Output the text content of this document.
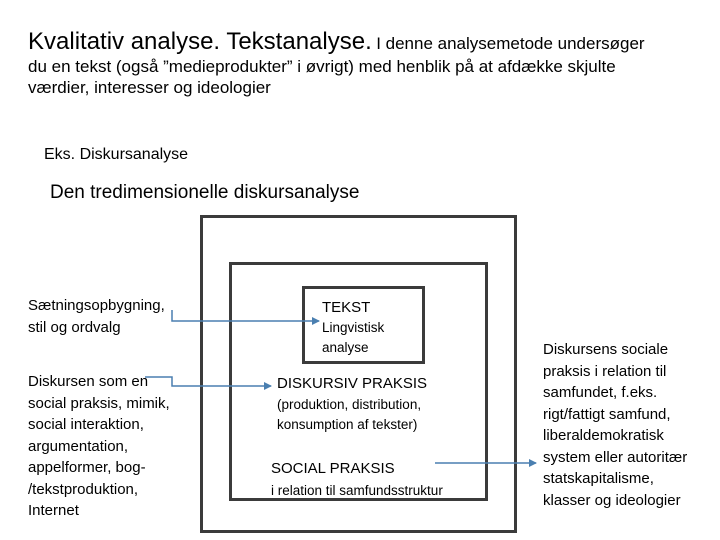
Kvalitativ analyse. Tekstanalyse. I denne analysemetode undersøger
du en tekst (også ”medieprodukter” i øvrigt) med henblik på at afdække skjulte værdier, interesser og ideologier
Eks. Diskursanalyse
Den tredimensionelle diskursanalyse
TEKST
Lingvistisk
analyse
DISKURSIV PRAKSIS
(produktion, distribution,
konsumption af tekster)
SOCIAL PRAKSIS
i relation til samfundsstruktur
Sætningsopbygning,
stil og ordvalg
Diskursen som en
social praksis, mimik,
social interaktion,
argumentation,
appelformer, bog-
/tekstproduktion,
Internet
Diskursens sociale
praksis i relation til
samfundet, f.eks.
rigt/fattigt samfund,
liberaldemokratisk
system eller autoritær
statskapitalisme,
klasser og ideologier
